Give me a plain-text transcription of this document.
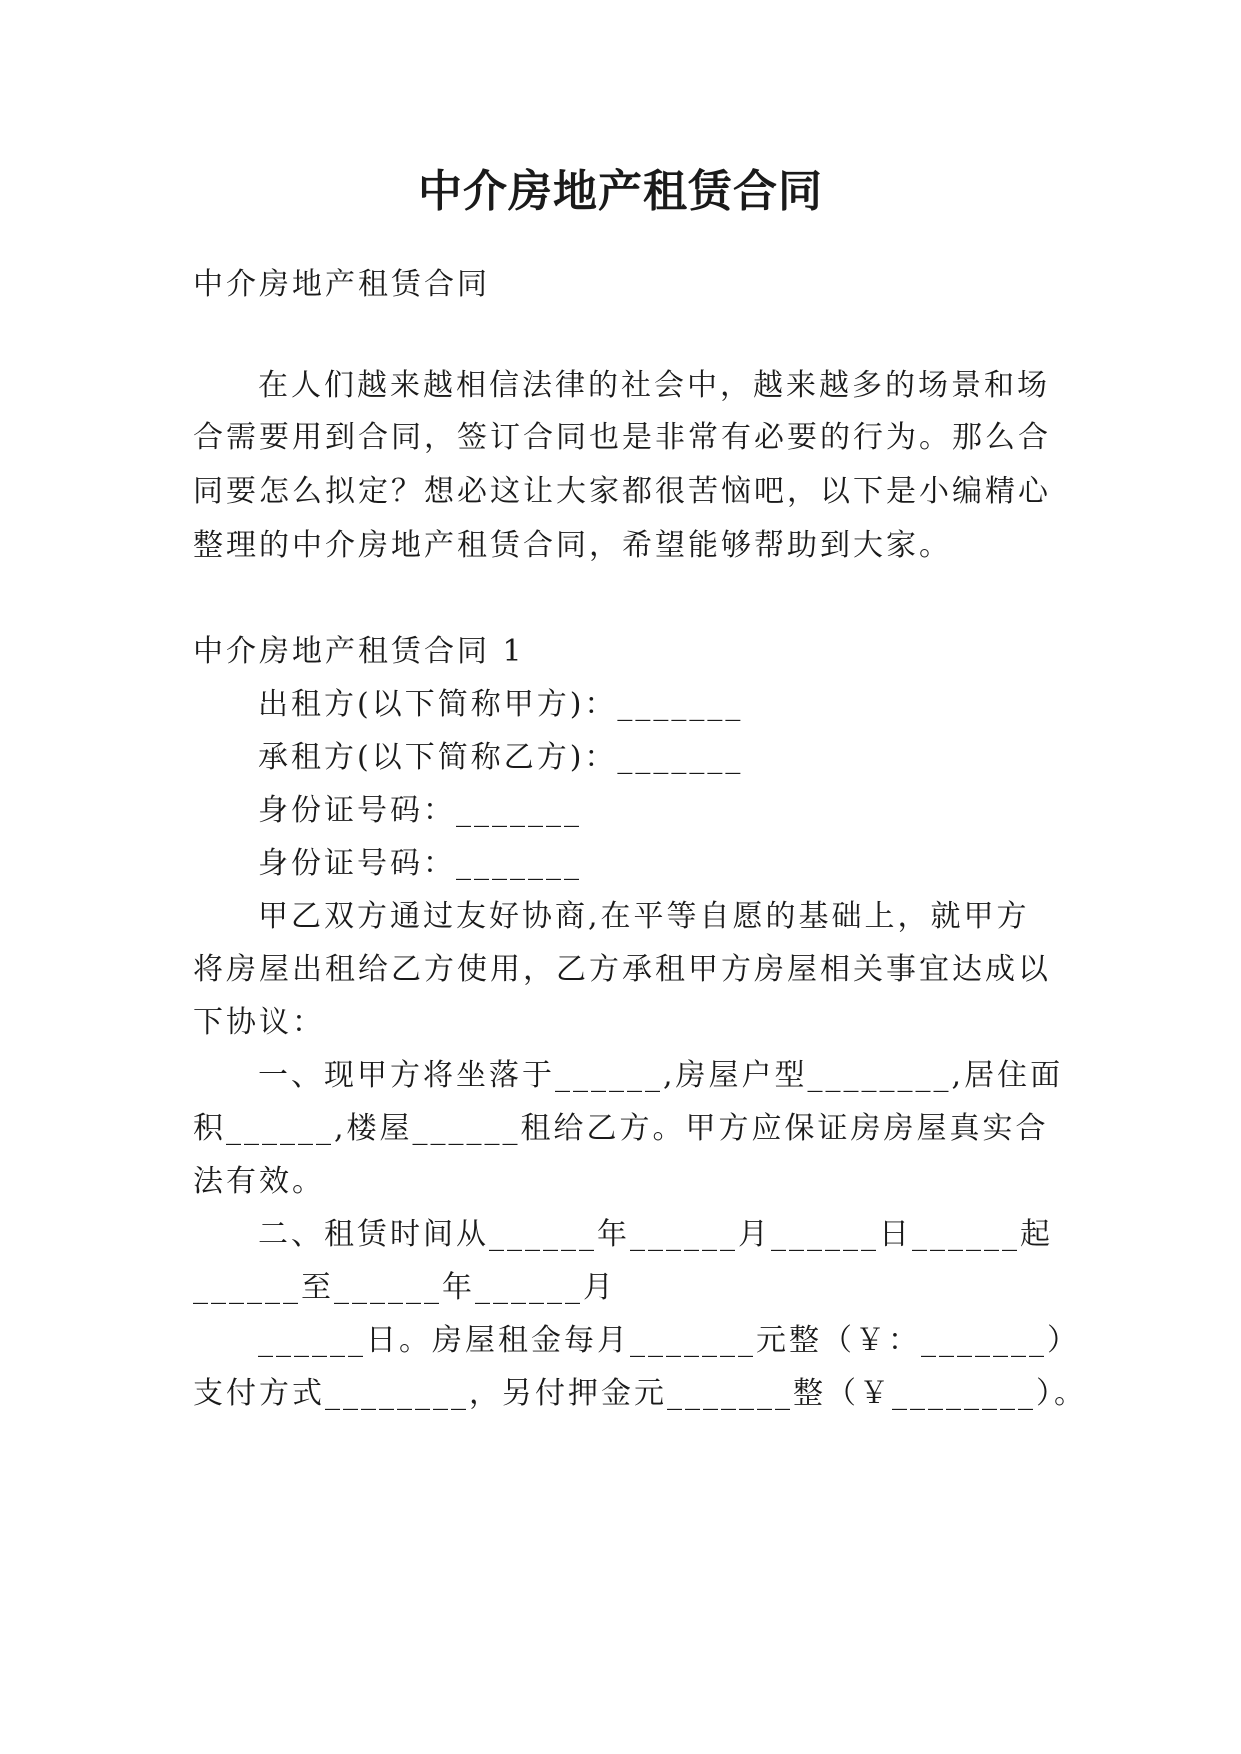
中介房地产租赁合同

中介房地产租赁合同

在人们越来越相信法律的社会中，越来越多的场景和场

合需要用到合同，签订合同也是非常有必要的行为。那么合

同要怎么拟定？想必这让大家都很苦恼吧，以下是小编精心

整理的中介房地产租赁合同，希望能够帮助到大家。

中介房地产租赁合同 1

出租方(以下简称甲方)：_______

承租方(以下简称乙方)：_______

身份证号码：_______

身份证号码：_______

甲乙双方通过友好协商,在平等自愿的基础上，就甲方

将房屋出租给乙方使用，乙方承租甲方房屋相关事宜达成以

下协议：

一、现甲方将坐落于______,房屋户型________,居住面

积______,楼屋______租给乙方。甲方应保证房房屋真实合

法有效。

二、租赁时间从______年______月______日______起

______至______年______月

______日。房屋租金每月_______元整（￥：_______）

支付方式________，另付押金元_______整（￥________）。
